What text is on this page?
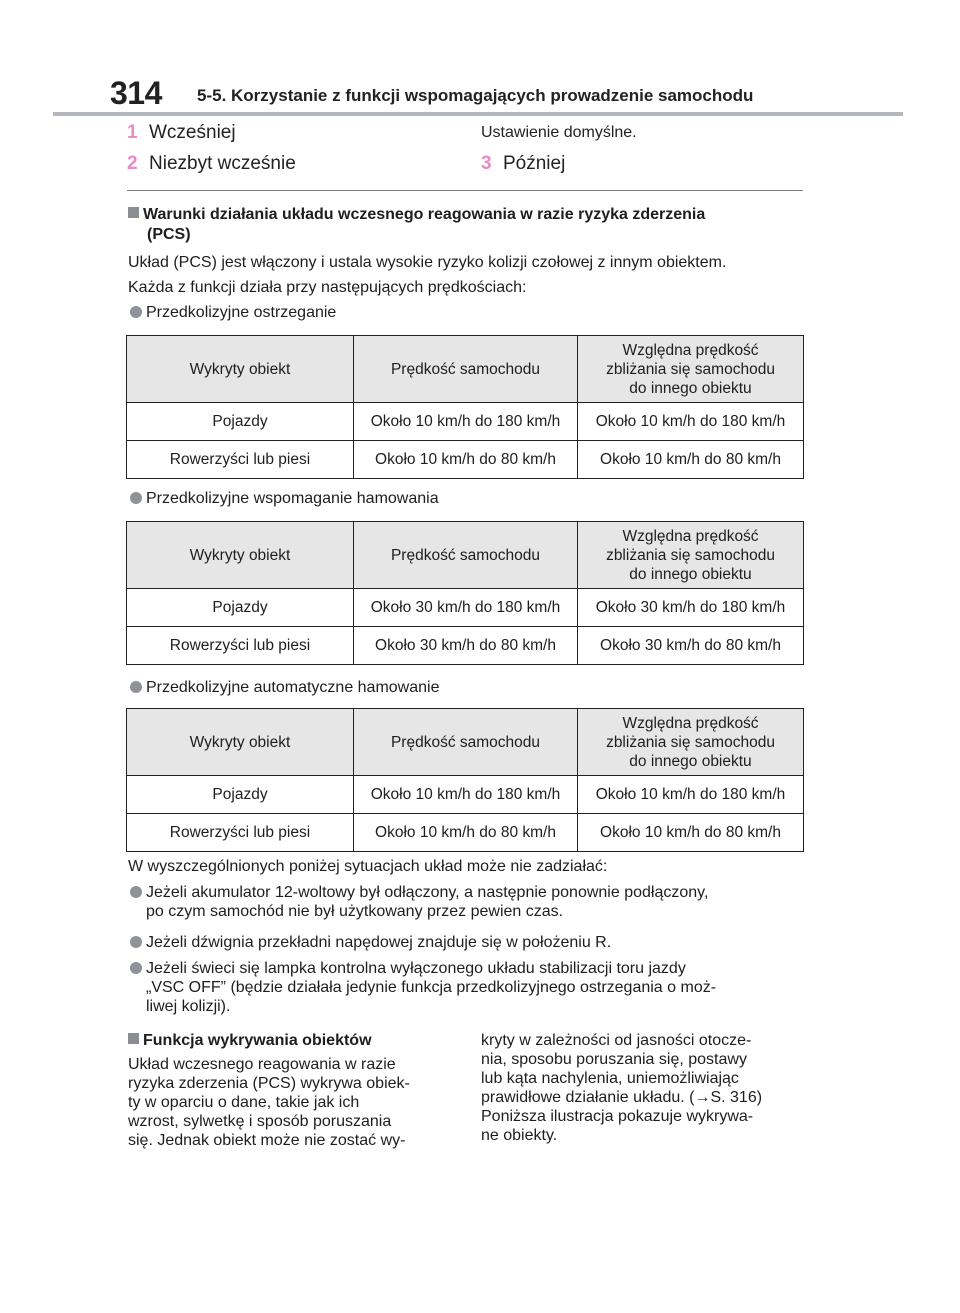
314 5-5. Korzystanie z funkcji wspomagających prowadzenie samochodu
1 Wcześniej
2 Niezbyt wcześnie
Ustawienie domyślne.
3 Później
Warunki działania układu wczesnego reagowania w razie ryzyka zderzenia
(PCS)
Układ (PCS) jest włączony i ustala wysokie ryzyko kolizji czołowej z innym obiektem.
Każda z funkcji działa przy następujących prędkościach:
Przedkolizyjne ostrzeganie
Wykryty obiekt	Prędkość samochodu	Względna prędkość
zbliżania się samochodu
do innego obiektu

Pojazdy	Około 10 km/h do 180 km/h	Około 10 km/h do 180 km/h
Rowerzyści lub piesi	Około 10 km/h do 80 km/h	Około 10 km/h do 80 km/h
Przedkolizyjne wspomaganie hamowania
Wykryty obiekt	Prędkość samochodu	Względna prędkość
zbliżania się samochodu
do innego obiektu

Pojazdy	Około 30 km/h do 180 km/h	Około 30 km/h do 180 km/h
Rowerzyści lub piesi	Około 30 km/h do 80 km/h	Około 30 km/h do 80 km/h
Przedkolizyjne automatyczne hamowanie
Wykryty obiekt	Prędkość samochodu	Względna prędkość
zbliżania się samochodu
do innego obiektu

Pojazdy	Około 10 km/h do 180 km/h	Około 10 km/h do 180 km/h
Rowerzyści lub piesi	Około 10 km/h do 80 km/h	Około 10 km/h do 80 km/h
W wyszczególnionych poniżej sytuacjach układ może nie zadziałać:
Jeżeli akumulator 12-woltowy był odłączony, a następnie ponownie podłączony,
po czym samochód nie był użytkowany przez pewien czas.
Jeżeli dźwignia przekładni napędowej znajduje się w położeniu R.
Jeżeli świeci się lampka kontrolna wyłączonego układu stabilizacji toru jazdy
„VSC OFF” (będzie działała jedynie funkcja przedkolizyjnego ostrzegania o moż-
liwej kolizji).
Funkcja wykrywania obiektów
Układ wczesnego reagowania w razie
ryzyka zderzenia (PCS) wykrywa obiek-
ty w oparciu o dane, takie jak ich
wzrost, sylwetkę i sposób poruszania
się. Jednak obiekt może nie zostać wy-
kryty w zależności od jasności otocze-
nia, sposobu poruszania się, postawy
lub kąta nachylenia, uniemożliwiając
prawidłowe działanie układu. (→S. 316)
Poniższa ilustracja pokazuje wykrywa-
ne obiekty.
